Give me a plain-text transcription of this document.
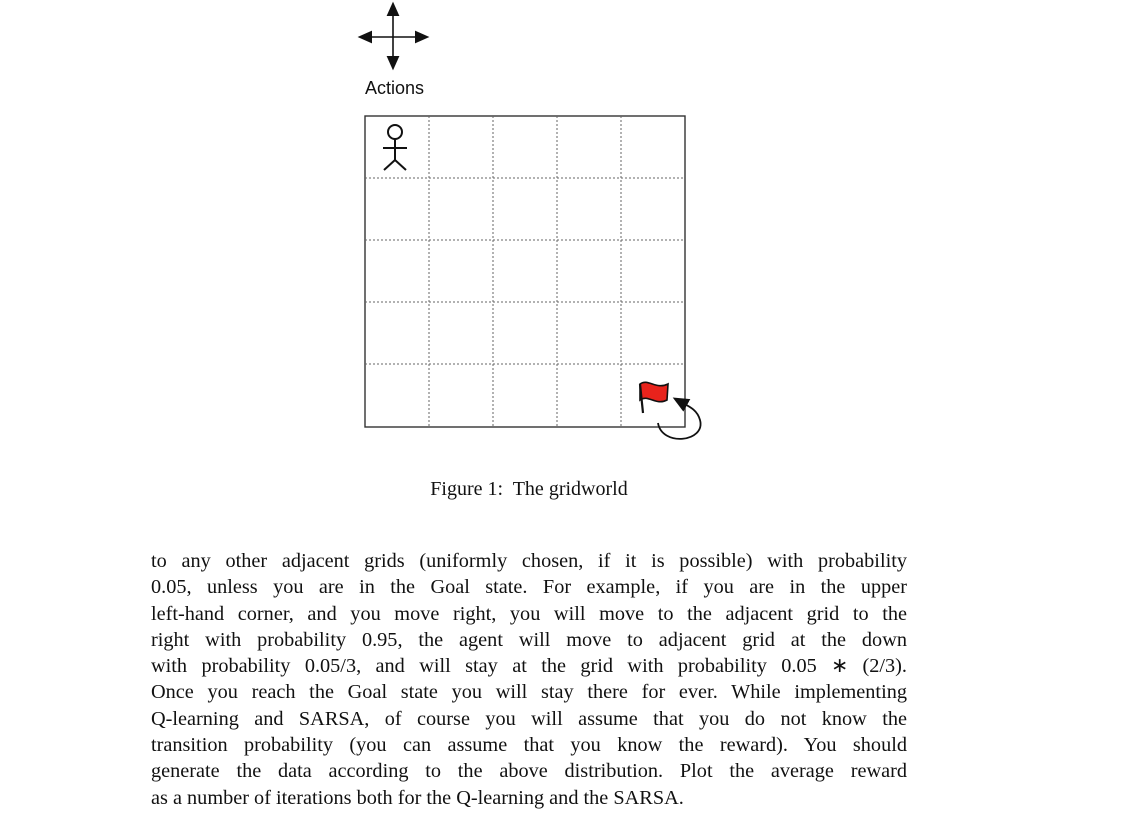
Actions
Figure 1: The gridworld
to any other adjacent grids (uniformly chosen, if it is possible) with probability
0.05, unless you are in the Goal state. For example, if you are in the upper
left-hand corner, and you move right, you will move to the adjacent grid to the
right with probability 0.95, the agent will move to adjacent grid at the down
with probability 0.05/3, and will stay at the grid with probability 0.05 ∗ (2/3).
Once you reach the Goal state you will stay there for ever. While implementing
Q-learning and SARSA, of course you will assume that you do not know the
transition probability (you can assume that you know the reward). You should
generate the data according to the above distribution. Plot the average reward
as a number of iterations both for the Q-learning and the SARSA.
